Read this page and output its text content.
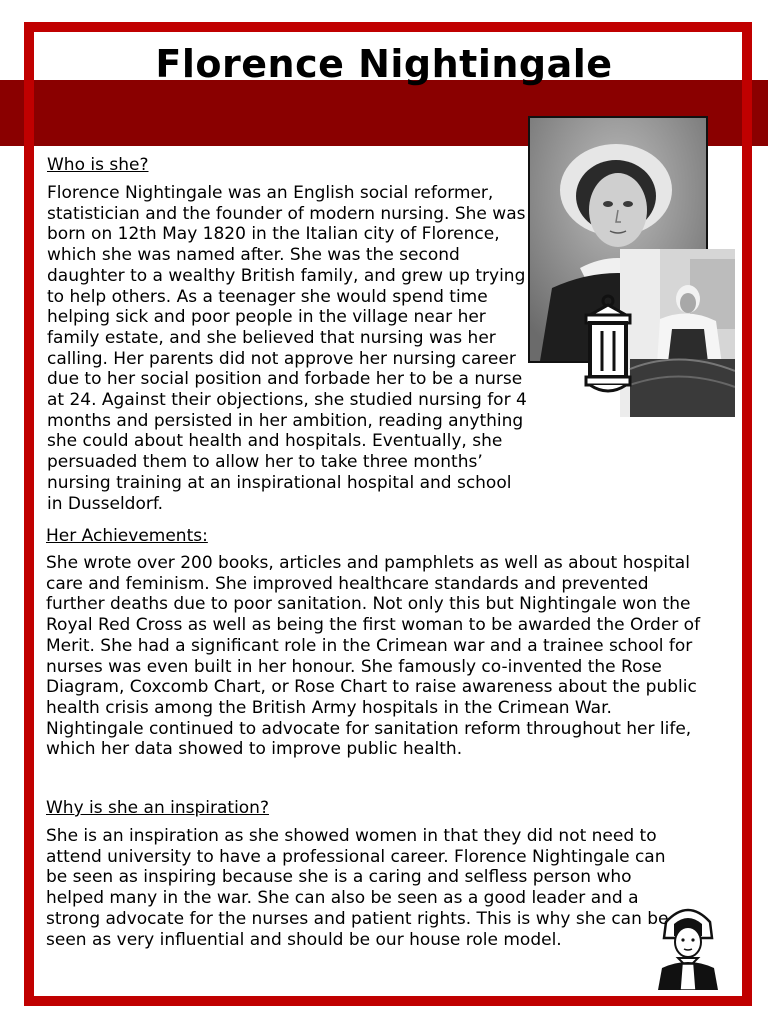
Florence Nightingale

Who is she?

Florence Nightingale was an English social reformer, statistician and the founder of modern nursing. She was born on 12th May 1820 in the Italian city of Florence, which she was named after. She was the second daughter to a wealthy British family, and grew up trying to help others. As a teenager she would spend time helping sick and poor people in the village near her family estate, and she believed that nursing was her calling. Her parents did not approve her nursing career due to her social position and forbade her to be a nurse at 24. Against their objections, she studied nursing for 4 months and persisted in her ambition, reading anything she could about health and hospitals. Eventually, she persuaded them to allow her to take three months’ nursing training at an inspirational hospital and school in Dusseldorf.

Her Achievements:

She wrote over 200 books, articles and pamphlets as well as about hospital care and feminism. She improved healthcare standards and prevented further deaths due to poor sanitation. Not only this but Nightingale won the Royal Red Cross as well as being the first woman to be awarded the Order of Merit. She had a significant role in the Crimean war and a trainee school for nurses was even built in her honour. She famously co-invented the Rose Diagram, Coxcomb Chart, or Rose Chart to raise awareness about the public health crisis among the British Army hospitals in the Crimean War. Nightingale continued to advocate for sanitation reform throughout her life, which her data showed to improve public health.

Why is she an inspiration?

She is an inspiration as she showed women in that they did not need to attend university to have a professional career. Florence Nightingale can be seen as inspiring because she is a caring and selfless person who helped many in the war. She can also be seen as a good leader and a strong advocate for the nurses and patient rights. This is why she can be seen as very influential and should be our house role model.
